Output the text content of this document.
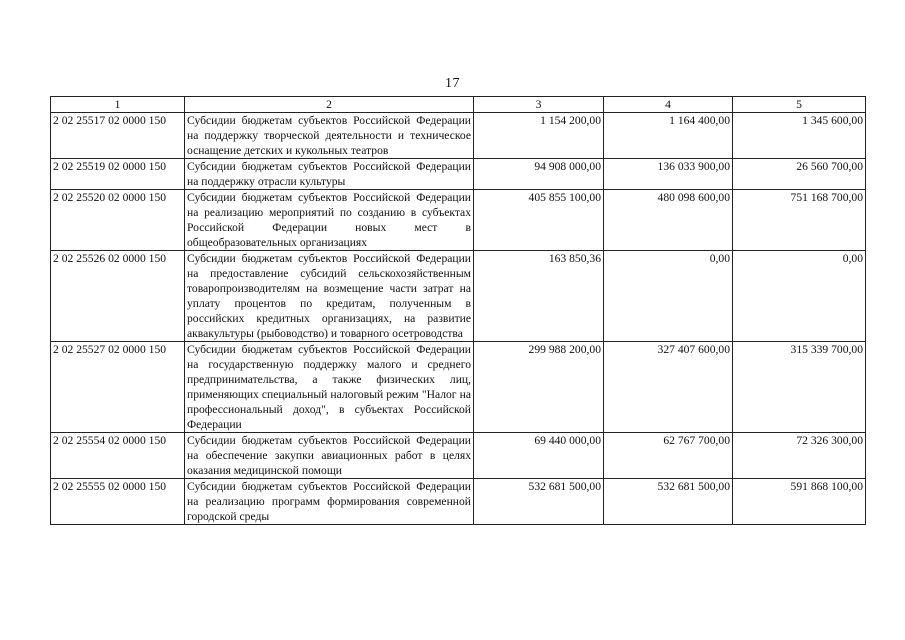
17
1	2	3	4	5
2 02 25517 02 0000 150	Субсидии бюджетам субъектов Российской Федерации на поддержку творческой деятельности и техническое оснащение детских и кукольных театров	1 154 200,00	1 164 400,00	1 345 600,00
2 02 25519 02 0000 150	Субсидии бюджетам субъектов Российской Федерации на поддержку отрасли культуры	94 908 000,00	136 033 900,00	26 560 700,00
2 02 25520 02 0000 150	Субсидии бюджетам субъектов Российской Федерации на реализацию мероприятий по созданию в субъектах Российской Федерации новых мест в общеобразовательных организациях	405 855 100,00	480 098 600,00	751 168 700,00
2 02 25526 02 0000 150	Субсидии бюджетам субъектов Российской Федерации на предоставление субсидий сельскохозяйственным товаропроизводителям на возмещение части затрат на уплату процентов по кредитам, полученным в российских кредитных организациях, на развитие аквакультуры (рыбоводство) и товарного осетроводства	163 850,36	0,00	0,00
2 02 25527 02 0000 150	Субсидии бюджетам субъектов Российской Федерации на государственную поддержку малого и среднего предпринимательства, а также физических лиц, применяющих специальный налоговый режим "Налог на профессиональный доход", в субъектах Российской Федерации	299 988 200,00	327 407 600,00	315 339 700,00
2 02 25554 02 0000 150	Субсидии бюджетам субъектов Российской Федерации на обеспечение закупки авиационных работ в целях оказания медицинской помощи	69 440 000,00	62 767 700,00	72 326 300,00
2 02 25555 02 0000 150	Субсидии бюджетам субъектов Российской Федерации на реализацию программ формирования современной городской среды	532 681 500,00	532 681 500,00	591 868 100,00
